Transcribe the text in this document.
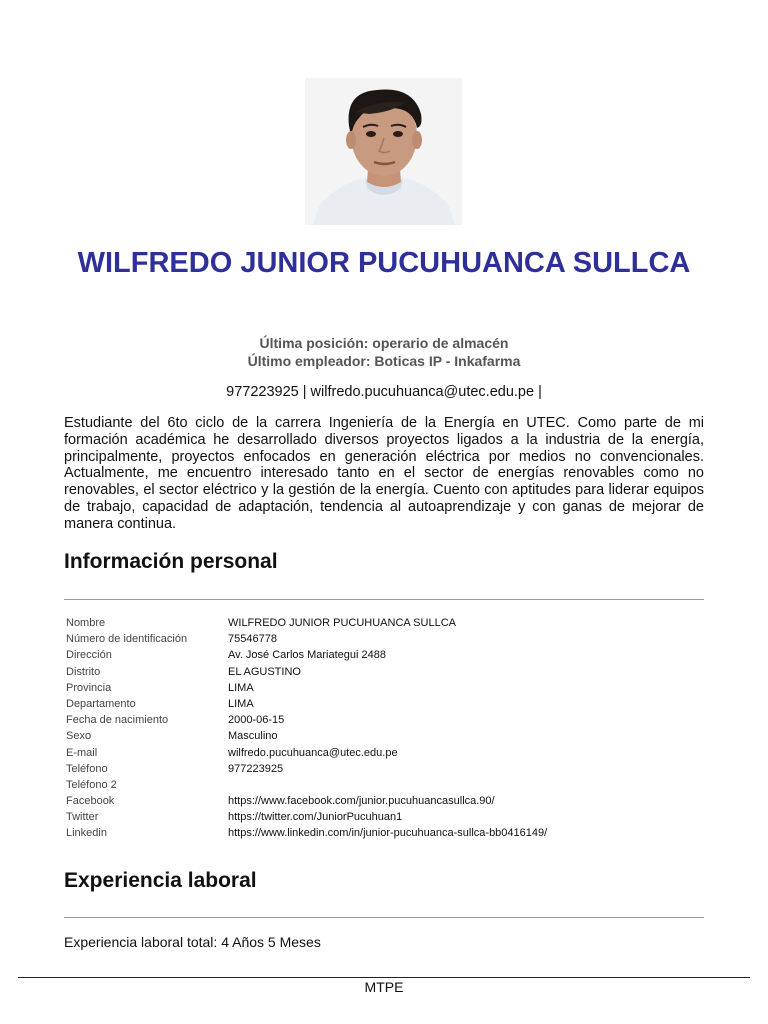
WILFREDO JUNIOR PUCUHUANCA SULLCA
Última posición: operario de almacén
Último empleador: Boticas IP - Inkafarma
977223925 | wilfredo.pucuhuanca@utec.edu.pe |
Estudiante del 6to ciclo de la carrera Ingeniería de la Energía en UTEC. Como parte de mi formación académica he desarrollado diversos proyectos ligados a la industria de la energía, principalmente, proyectos enfocados en generación eléctrica por medios no convencionales. Actualmente, me encuentro interesado tanto en el sector de energías renovables como no renovables, el sector eléctrico y la gestión de la energía. Cuento con aptitudes para liderar equipos de trabajo, capacidad de adaptación, tendencia al autoaprendizaje y con ganas de mejorar de manera continua.
Información personal
Nombre	WILFREDO JUNIOR PUCUHUANCA SULLCA
Número de identificación	75546778
Dirección	Av. José Carlos Mariategui 2488
Distrito	EL AGUSTINO
Provincia	LIMA
Departamento	LIMA
Fecha de nacimiento	2000-06-15
Sexo	Masculino
E-mail	wilfredo.pucuhuanca@utec.edu.pe
Teléfono	977223925
Teléfono 2	
Facebook	https://www.facebook.com/junior.pucuhuancasullca.90/
Twitter	https://twitter.com/JuniorPucuhuan1
Linkedin	https://www.linkedin.com/in/junior-pucuhuanca-sullca-bb0416149/
Experiencia laboral
Experiencia laboral total: 4 Años 5 Meses
MTPE
